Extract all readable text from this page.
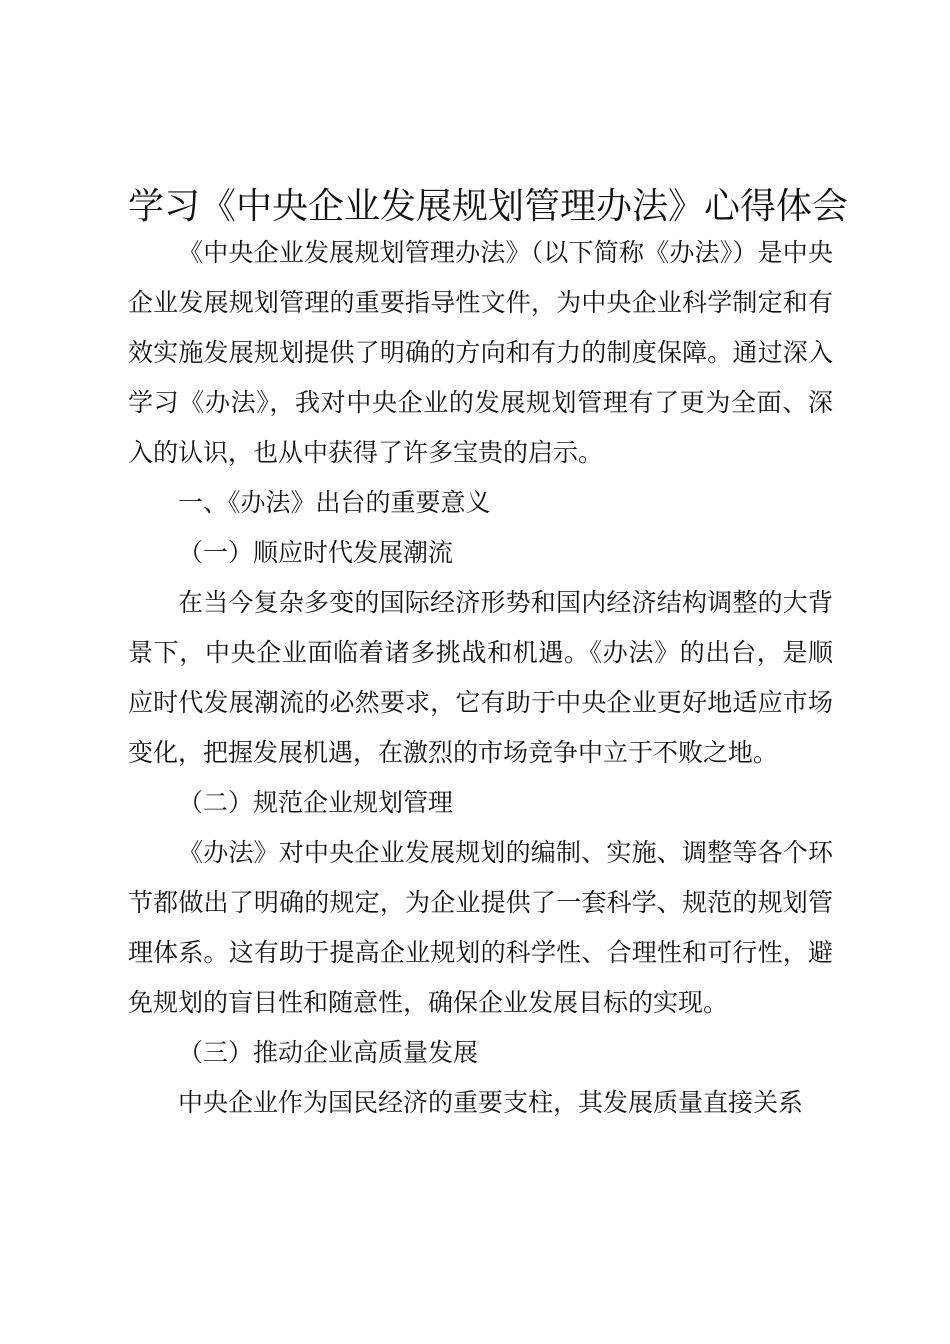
学习《中央企业发展规划管理办法》心得体会

《中央企业发展规划管理办法》（以下简称《办法》）是中央企业发展规划管理的重要指导性文件，为中央企业科学制定和有效实施发展规划提供了明确的方向和有力的制度保障。通过深入学习《办法》，我对中央企业的发展规划管理有了更为全面、深入的认识，也从中获得了许多宝贵的启示。

一、《办法》出台的重要意义

（一）顺应时代发展潮流

在当今复杂多变的国际经济形势和国内经济结构调整的大背景下，中央企业面临着诸多挑战和机遇。《办法》的出台，是顺应时代发展潮流的必然要求，它有助于中央企业更好地适应市场变化，把握发展机遇，在激烈的市场竞争中立于不败之地。

（二）规范企业规划管理

《办法》对中央企业发展规划的编制、实施、调整等各个环节都做出了明确的规定，为企业提供了一套科学、规范的规划管理体系。这有助于提高企业规划的科学性、合理性和可行性，避免规划的盲目性和随意性，确保企业发展目标的实现。

（三）推动企业高质量发展

中央企业作为国民经济的重要支柱，其发展质量直接关系
